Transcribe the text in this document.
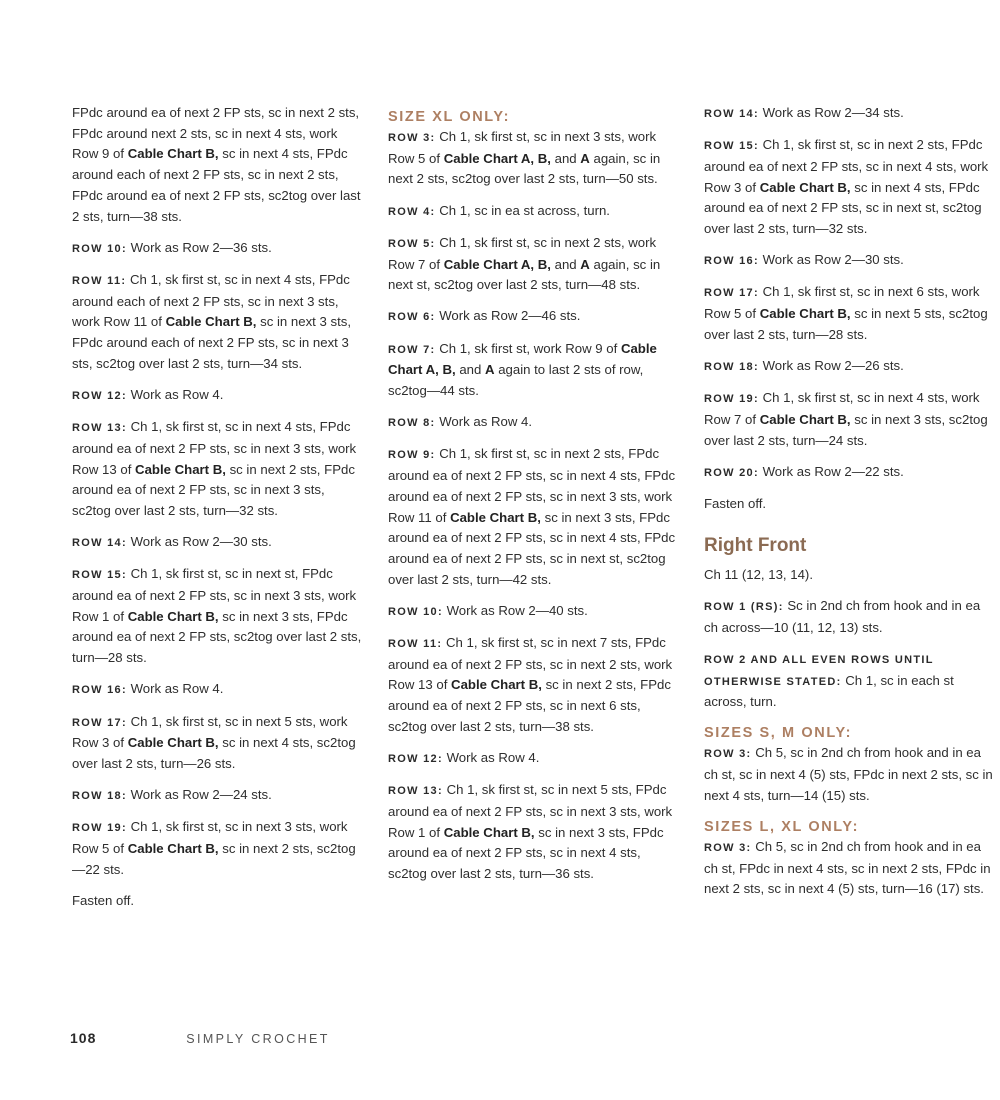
FPdc around ea of next 2 FP sts, sc in next 2 sts, FPdc around next 2 sts, sc in next 4 sts, work Row 9 of Cable Chart B, sc in next 4 sts, FPdc around each of next 2 FP sts, sc in next 2 sts, FPdc around ea of next 2 FP sts, sc2tog over last 2 sts, turn—38 sts.

ROW 10: Work as Row 2—36 sts.

ROW 11: Ch 1, sk first st, sc in next 4 sts, FPdc around each of next 2 FP sts, sc in next 3 sts, work Row 11 of Cable Chart B, sc in next 3 sts, FPdc around each of next 2 FP sts, sc in next 3 sts, sc2tog over last 2 sts, turn—34 sts.

ROW 12: Work as Row 4.

ROW 13: Ch 1, sk first st, sc in next 4 sts, FPdc around ea of next 2 FP sts, sc in next 3 sts, work Row 13 of Cable Chart B, sc in next 2 sts, FPdc around ea of next 2 FP sts, sc in next 3 sts, sc2tog over last 2 sts, turn—32 sts.

ROW 14: Work as Row 2—30 sts.

ROW 15: Ch 1, sk first st, sc in next st, FPdc around ea of next 2 FP sts, sc in next 3 sts, work Row 1 of Cable Chart B, sc in next 3 sts, FPdc around ea of next 2 FP sts, sc2tog over last 2 sts, turn—28 sts.

ROW 16: Work as Row 4.

ROW 17: Ch 1, sk first st, sc in next 5 sts, work Row 3 of Cable Chart B, sc in next 4 sts, sc2tog over last 2 sts, turn—26 sts.

ROW 18: Work as Row 2—24 sts.

ROW 19: Ch 1, sk first st, sc in next 3 sts, work Row 5 of Cable Chart B, sc in next 2 sts, sc2tog—22 sts.

Fasten off.

SIZE XL ONLY:

ROW 3: Ch 1, sk first st, sc in next 3 sts, work Row 5 of Cable Chart A, B, and A again, sc in next 2 sts, sc2tog over last 2 sts, turn—50 sts.

ROW 4: Ch 1, sc in ea st across, turn.

ROW 5: Ch 1, sk first st, sc in next 2 sts, work Row 7 of Cable Chart A, B, and A again, sc in next st, sc2tog over last 2 sts, turn—48 sts.

ROW 6: Work as Row 2—46 sts.

ROW 7: Ch 1, sk first st, work Row 9 of Cable Chart A, B, and A again to last 2 sts of row, sc2tog—44 sts.

ROW 8: Work as Row 4.

ROW 9: Ch 1, sk first st, sc in next 2 sts, FPdc around ea of next 2 FP sts, sc in next 4 sts, FPdc around ea of next 2 FP sts, sc in next 3 sts, work Row 11 of Cable Chart B, sc in next 3 sts, FPdc around ea of next 2 FP sts, sc in next 4 sts, FPdc around ea of next 2 FP sts, sc in next st, sc2tog over last 2 sts, turn—42 sts.

ROW 10: Work as Row 2—40 sts.

ROW 11: Ch 1, sk first st, sc in next 7 sts, FPdc around ea of next 2 FP sts, sc in next 2 sts, work Row 13 of Cable Chart B, sc in next 2 sts, FPdc around ea of next 2 FP sts, sc in next 6 sts, sc2tog over last 2 sts, turn—38 sts.

ROW 12: Work as Row 4.

ROW 13: Ch 1, sk first st, sc in next 5 sts, FPdc around ea of next 2 FP sts, sc in next 3 sts, work Row 1 of Cable Chart B, sc in next 3 sts, FPdc around ea of next 2 FP sts, sc in next 4 sts, sc2tog over last 2 sts, turn—36 sts.

ROW 14: Work as Row 2—34 sts.

ROW 15: Ch 1, sk first st, sc in next 2 sts, FPdc around ea of next 2 FP sts, sc in next 4 sts, work Row 3 of Cable Chart B, sc in next 4 sts, FPdc around ea of next 2 FP sts, sc in next st, sc2tog over last 2 sts, turn—32 sts.

ROW 16: Work as Row 2—30 sts.

ROW 17: Ch 1, sk first st, sc in next 6 sts, work Row 5 of Cable Chart B, sc in next 5 sts, sc2tog over last 2 sts, turn—28 sts.

ROW 18: Work as Row 2—26 sts.

ROW 19: Ch 1, sk first st, sc in next 4 sts, work Row 7 of Cable Chart B, sc in next 3 sts, sc2tog over last 2 sts, turn—24 sts.

ROW 20: Work as Row 2—22 sts.

Fasten off.

Right Front

Ch 11 (12, 13, 14).

ROW 1 (RS): Sc in 2nd ch from hook and in ea ch across—10 (11, 12, 13) sts.

ROW 2 AND ALL EVEN ROWS UNTIL OTHERWISE STATED: Ch 1, sc in each st across, turn.

SIZES S, M ONLY:

ROW 3: Ch 5, sc in 2nd ch from hook and in ea ch st, sc in next 4 (5) sts, FPdc in next 2 sts, sc in next 4 sts, turn—14 (15) sts.

SIZES L, XL ONLY:

ROW 3: Ch 5, sc in 2nd ch from hook and in ea ch st, FPdc in next 4 sts, sc in next 2 sts, FPdc in next 2 sts, sc in next 4 (5) sts, turn—16 (17) sts.

108	SIMPLY CROCHET
